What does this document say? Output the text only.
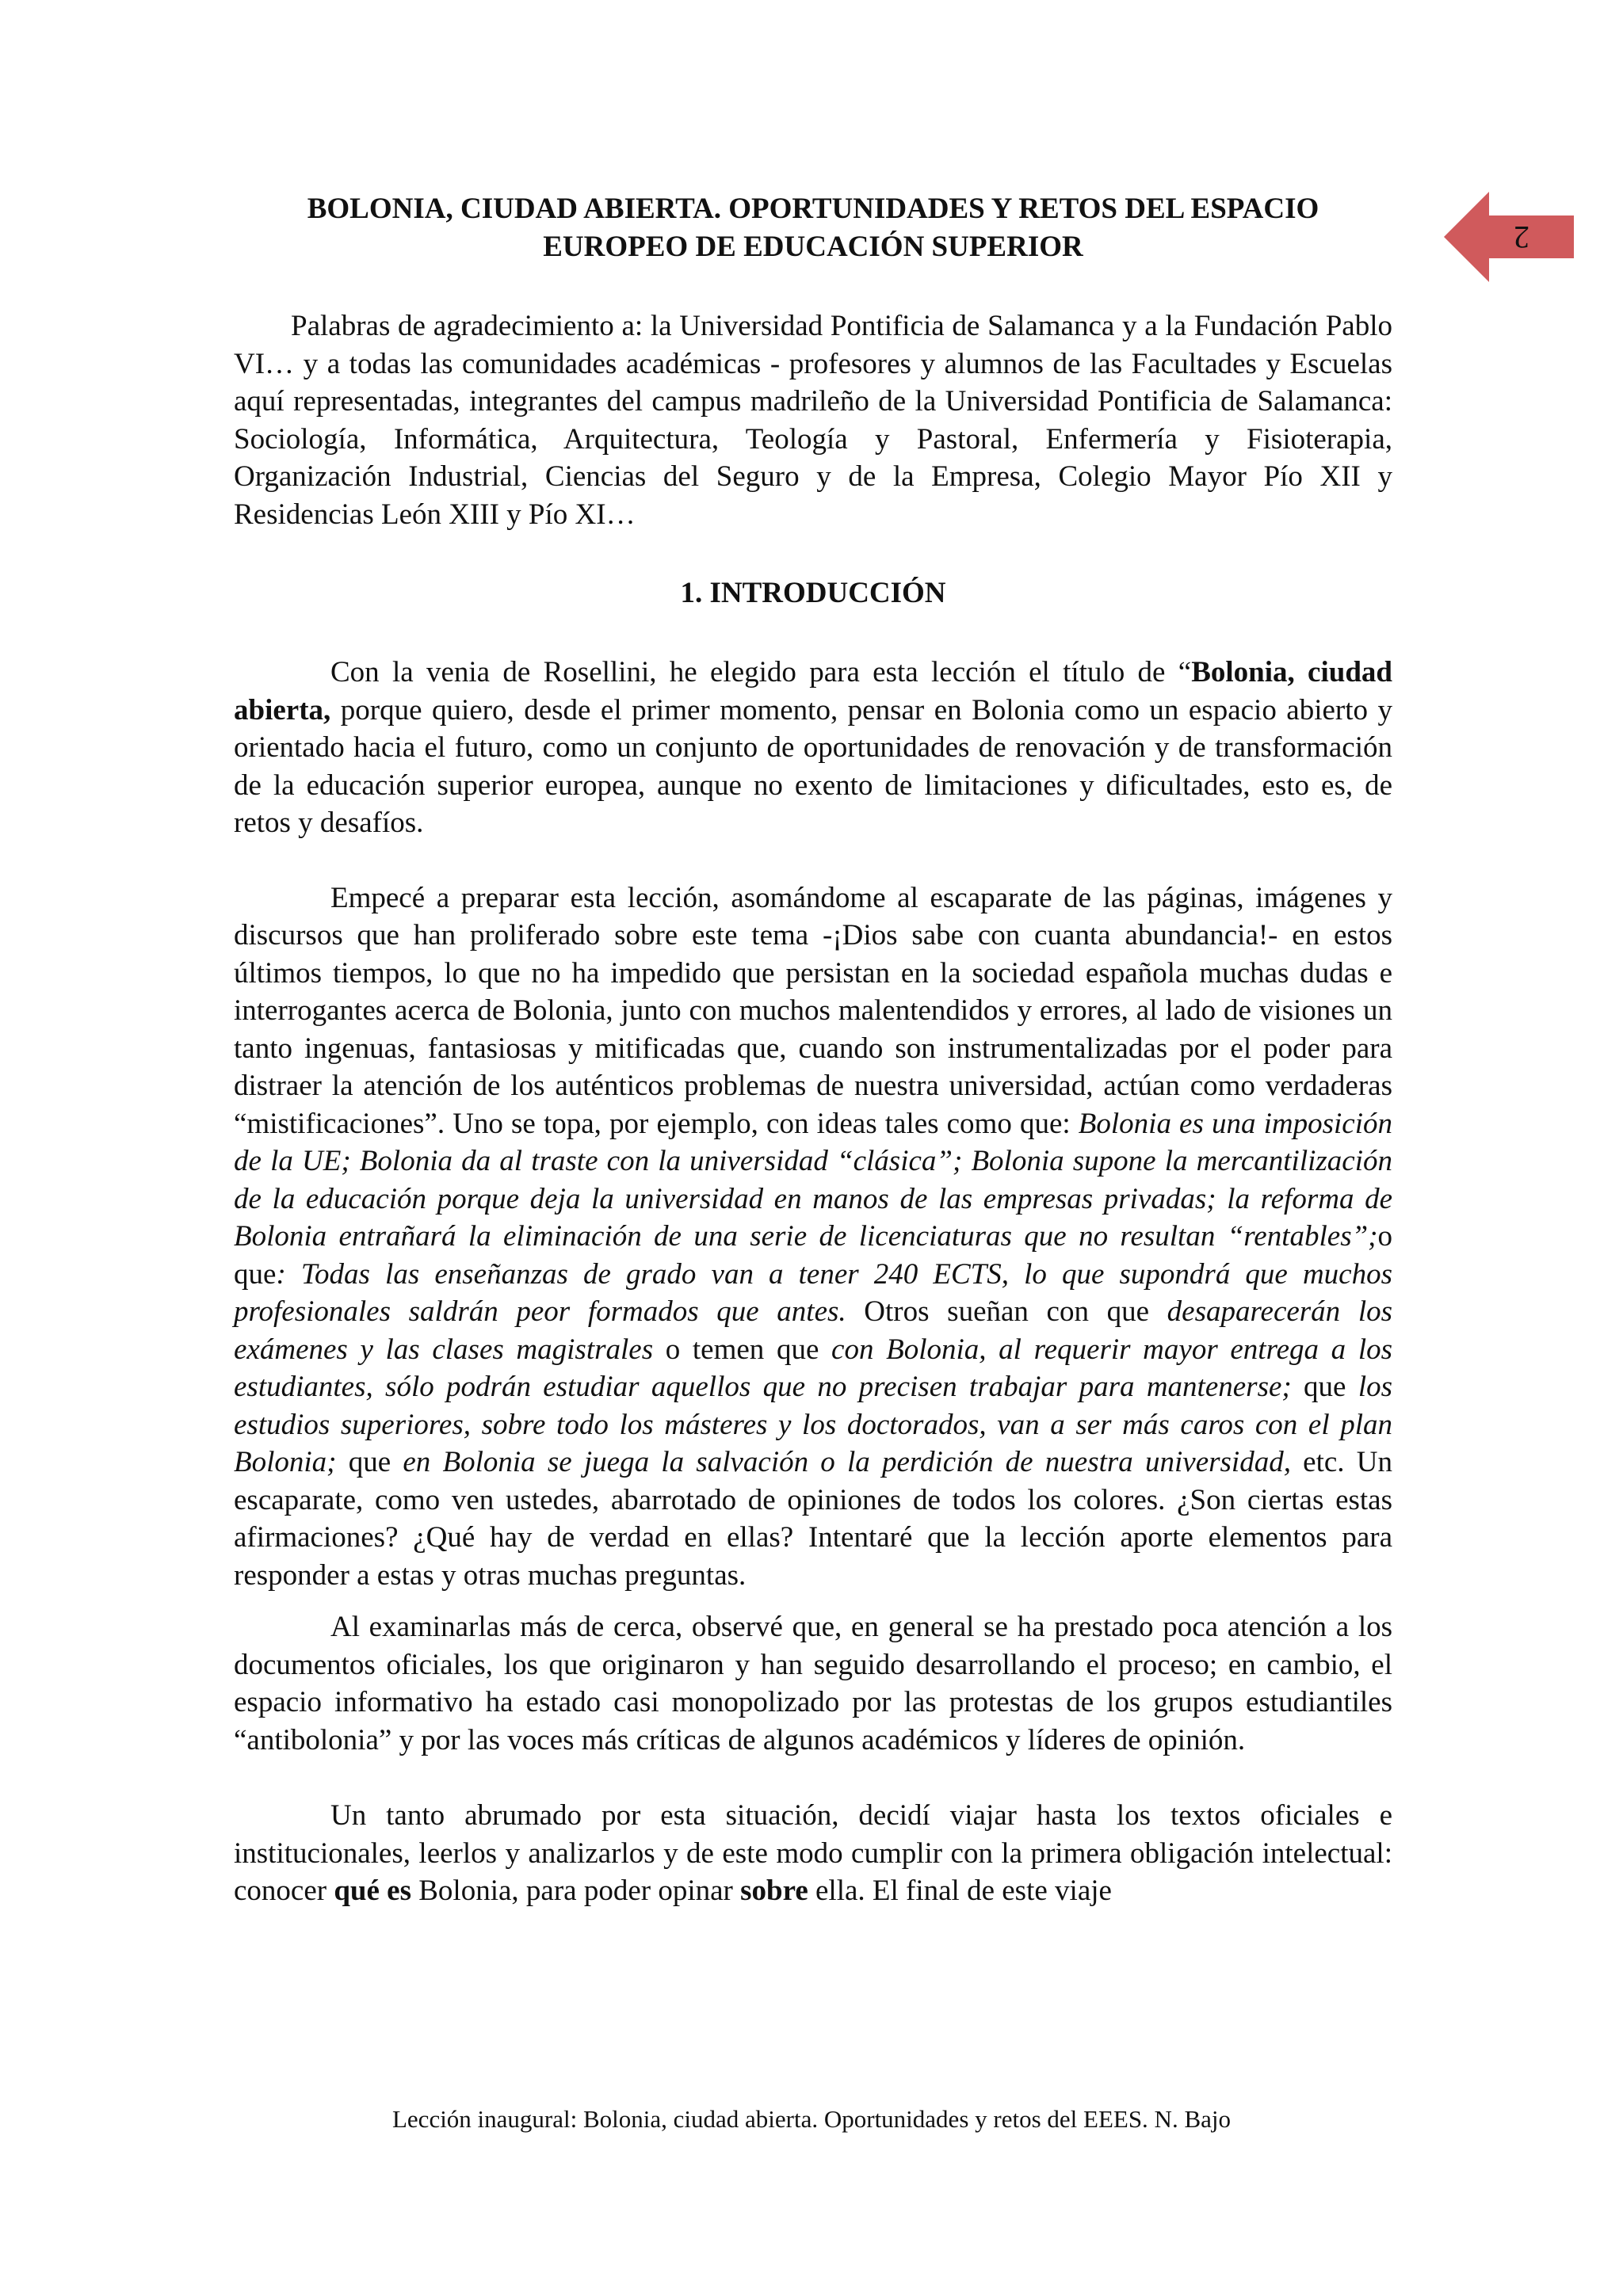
2
BOLONIA, CIUDAD ABIERTA. OPORTUNIDADES Y RETOS DEL ESPACIO
EUROPEO DE EDUCACIÓN SUPERIOR

Palabras de agradecimiento a: la Universidad Pontificia de Salamanca y a la Fundación Pablo VI… y a todas las comunidades académicas - profesores y alumnos de las Facultades y Escuelas aquí representadas, integrantes del campus madrileño de la Universidad Pontificia de Salamanca: Sociología, Informática, Arquitectura, Teología y Pastoral, Enfermería y Fisioterapia, Organización Industrial, Ciencias del Seguro y de la Empresa, Colegio Mayor Pío XII y Residencias León XIII y Pío XI…

1. INTRODUCCIÓN

Con la venia de Rosellini, he elegido para esta lección el título de “Bolonia, ciudad abierta, porque quiero, desde el primer momento, pensar en Bolonia como un espacio abierto y orientado hacia el futuro, como un conjunto de oportunidades de renovación y de transformación de la educación superior europea, aunque no exento de limitaciones y dificultades, esto es, de retos y desafíos.

Empecé a preparar esta lección, asomándome al escaparate de las páginas, imágenes y discursos que han proliferado sobre este tema -¡Dios sabe con cuanta abundancia!- en estos últimos tiempos, lo que no ha impedido que persistan en la sociedad española muchas dudas e interrogantes acerca de Bolonia, junto con muchos malentendidos y errores, al lado de visiones un tanto ingenuas, fantasiosas y mitificadas que, cuando son instrumentalizadas por el poder para distraer la atención de los auténticos problemas de nuestra universidad, actúan como verdaderas “mistificaciones”. Uno se topa, por ejemplo, con ideas tales como que: Bolonia es una imposición de la UE; Bolonia da al traste con la universidad “clásica”; Bolonia supone la mercantilización de la educación porque deja la universidad en manos de las empresas privadas; la reforma de Bolonia entrañará la eliminación de una serie de licenciaturas que no resultan “rentables”;o que: Todas las enseñanzas de grado van a tener 240 ECTS, lo que supondrá que muchos profesionales saldrán peor formados que antes. Otros sueñan con que desaparecerán los exámenes y las clases magistrales o temen que con Bolonia, al requerir mayor entrega a los estudiantes, sólo podrán estudiar aquellos que no precisen trabajar para mantenerse; que los estudios superiores, sobre todo los másteres y los doctorados, van a ser más caros con el plan Bolonia; que en Bolonia se juega la salvación o la perdición de nuestra universidad, etc. Un escaparate, como ven ustedes, abarrotado de opiniones de todos los colores. ¿Son ciertas estas afirmaciones? ¿Qué hay de verdad en ellas? Intentaré que la lección aporte elementos para responder a estas y otras muchas preguntas.

Al examinarlas más de cerca, observé que, en general se ha prestado poca atención a los documentos oficiales, los que originaron y han seguido desarrollando el proceso; en cambio, el espacio informativo ha estado casi monopolizado por las protestas de los grupos estudiantiles “antibolonia” y por las voces más críticas de algunos académicos y líderes de opinión.

Un tanto abrumado por esta situación, decidí viajar hasta los textos oficiales e institucionales, leerlos y analizarlos y de este modo cumplir con la primera obligación intelectual: conocer qué es Bolonia, para poder opinar sobre ella. El final de este viaje

Lección inaugural: Bolonia, ciudad abierta. Oportunidades y retos del EEES. N. Bajo
